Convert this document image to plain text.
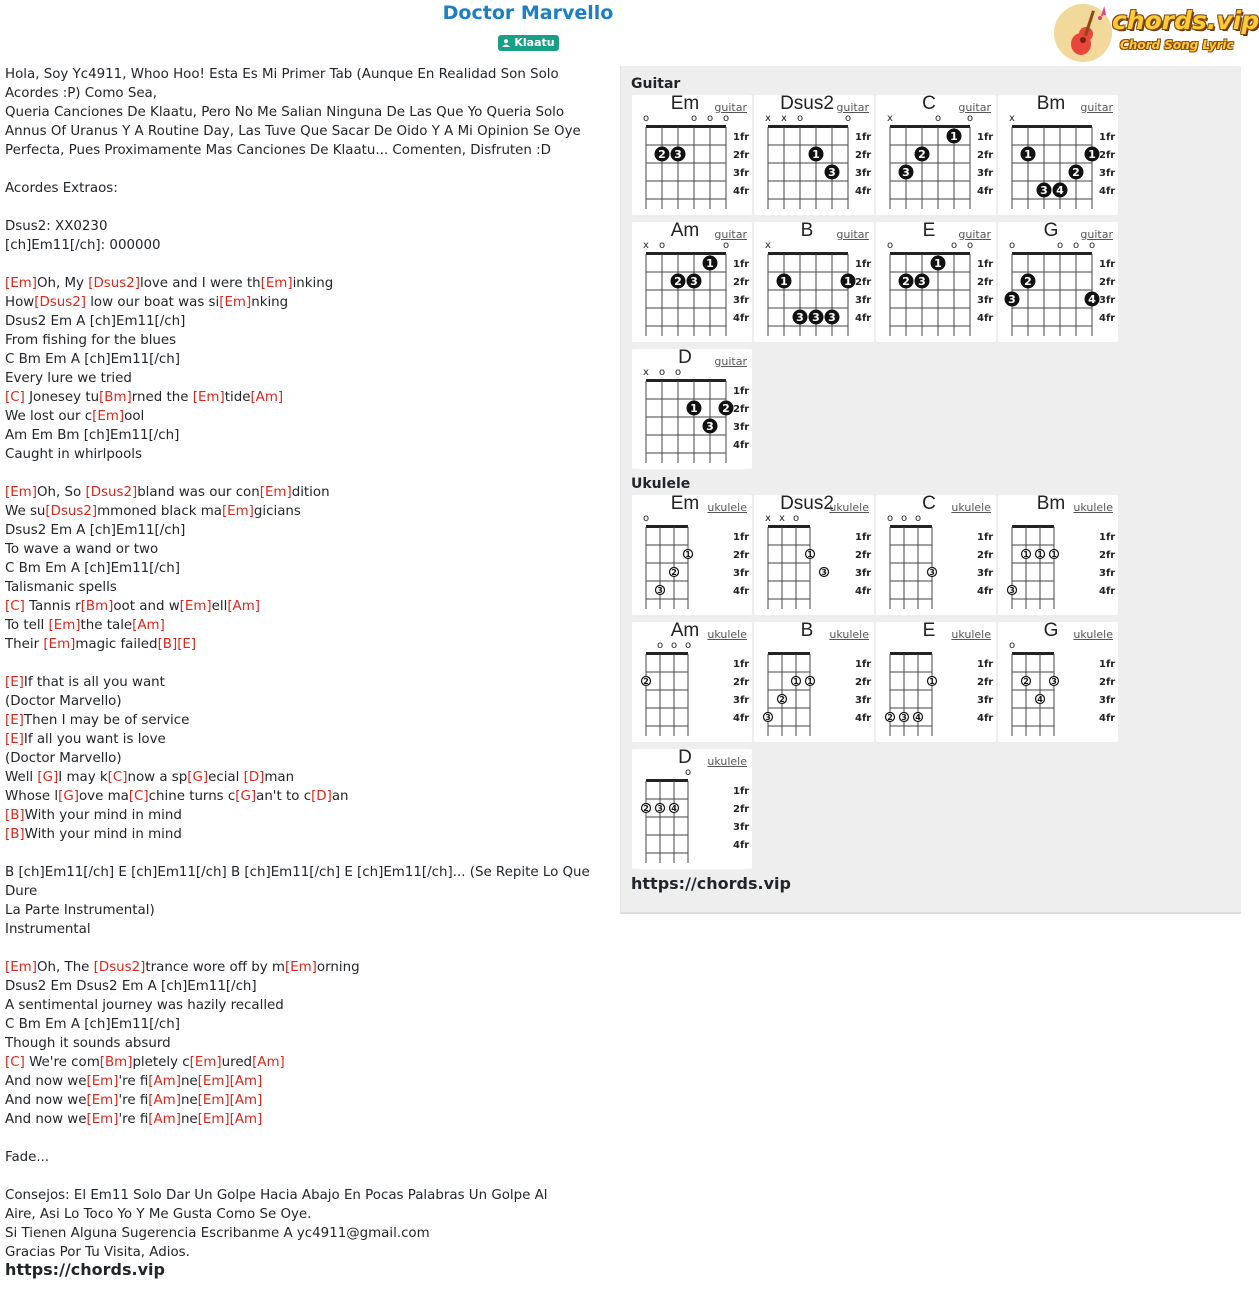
Doctor Marvello
Klaatu
chords.vip
Chord Song Lyric
Hola, Soy Yc4911, Whoo Hoo! Esta Es Mi Primer Tab (Aunque En Realidad Son Solo
Acordes :P) Como Sea,
Queria Canciones De Klaatu, Pero No Me Salian Ninguna De Las Que Yo Queria Solo
Annus Of Uranus Y A Routine Day, Las Tuve Que Sacar De Oido Y A Mi Opinion Se Oye
Perfecta, Pues Proximamente Mas Canciones De Klaatu... Comenten, Disfruten :D
Acordes Extraos:
Dsus2: XX0230
[ch]Em11[/ch]: 000000
[Em]Oh, My [Dsus2]love and I were th[Em]inking
How[Dsus2] low our boat was si[Em]nking
Dsus2 Em A [ch]Em11[/ch]
From fishing for the blues
C Bm Em A [ch]Em11[/ch]
Every lure we tried
[C] Jonesey tu[Bm]rned the [Em]tide[Am]
We lost our c[Em]ool
Am Em Bm [ch]Em11[/ch]
Caught in whirlpools
[Em]Oh, So [Dsus2]bland was our con[Em]dition
We su[Dsus2]mmoned black ma[Em]gicians
Dsus2 Em A [ch]Em11[/ch]
To wave a wand or two
C Bm Em A [ch]Em11[/ch]
Talismanic spells
[C] Tannis r[Bm]oot and w[Em]ell[Am]
To tell [Em]the tale[Am]
Their [Em]magic failed[B][E]
[E]If that is all you want
(Doctor Marvello)
[E]Then I may be of service
[E]If all you want is love
(Doctor Marvello)
Well [G]I may k[C]now a sp[G]ecial [D]man
Whose l[G]ove ma[C]chine turns c[G]an't to c[D]an
[B]With your mind in mind
[B]With your mind in mind
B [ch]Em11[/ch] E [ch]Em11[/ch] B [ch]Em11[/ch] E [ch]Em11[/ch]... (Se Repite Lo Que Dure
La Parte Instrumental)
Instrumental
[Em]Oh, The [Dsus2]trance wore off by m[Em]orning
Dsus2 Em Dsus2 Em A [ch]Em11[/ch]
A sentimental journey was hazily recalled
C Bm Em A [ch]Em11[/ch]
Though it sounds absurd
[C] We're com[Bm]pletely c[Em]ured[Am]
And now we[Em]'re fi[Am]ne[Em][Am]
And now we[Em]'re fi[Am]ne[Em][Am]
And now we[Em]'re fi[Am]ne[Em][Am]
Fade...
Consejos: El Em11 Solo Dar Un Golpe Hacia Abajo En Pocas Palabras Un Golpe Al
Aire, Asi Lo Toco Yo Y Me Gusta Como Se Oye.
Si Tienen Alguna Sugerencia Escribanme A yc4911@gmail.com
Gracias Por Tu Visita, Adios.
https://chords.vip
Guitar
Ukulele
https://chords.vip
o	o o o
1fr
2fr
3fr
4fr
2 3
Em	guitar
x x o	o
1fr
2fr
3fr
4fr
1
3
Dsus2 guitar
x	o	o
1fr
2fr
3fr
4fr
1
2
3
C	guitar
x
1fr
2fr
3fr
4fr
1	1
2
3 4
Bm	guitar
x o	o
1fr
2fr
3fr
4fr
1
2 3
Am	guitar
x
1fr
2fr
3fr
4fr
1	1
3 3 3
B	guitar
o	o o
1fr
2fr
3fr
4fr
1
2 3
E	guitar
o	o o o
1fr
2fr
3fr
4fr
2
3	4
G	guitar
x o o
1fr
2fr
3fr
4fr
1 2
3
D	guitar
o
1fr
2fr
3fr
4fr
1
2
3
Em ukulele
x x o
1fr
2fr
3fr
4fr
1
3
Dsus2
ukulele
o o o
1fr
2fr
3fr
4fr
3
C	ukulele
1fr
2fr
3fr
4fr
1 1 1
3
Bm ukulele
o o o
1fr
2fr
3fr
4fr
2
Am ukulele
1fr
2fr
3fr
4fr
1 1
2
3
B	ukulele
1fr
2fr
3fr
4fr
1
2 3 4
E	ukulele
o
1fr
2fr
3fr
4fr
2	3
4
G	ukulele
o
1fr
2fr
3fr
4fr
2 3 4
D	ukulele
